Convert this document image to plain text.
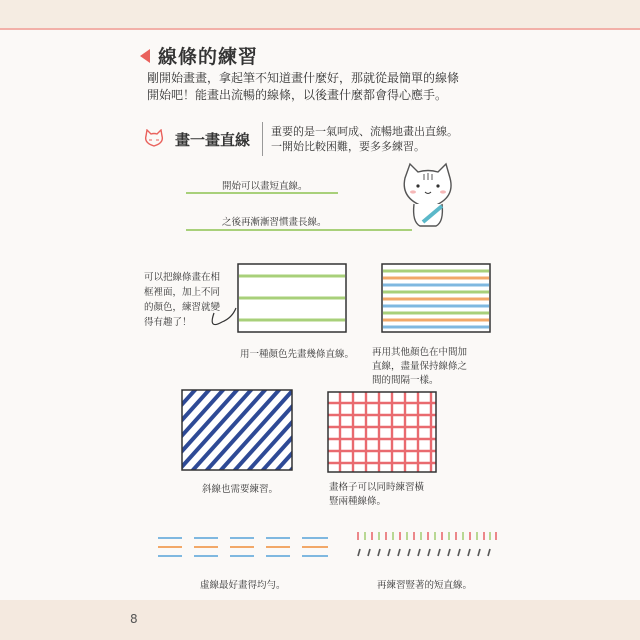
線條的練習
剛開始畫畫，拿起筆不知道畫什麼好，那就從最簡單的線條
開始吧！能畫出流暢的線條，以後畫什麼都會得心應手。
畫一畫直線 重要的是一氣呵成、流暢地畫出直線。
一開始比較困難，要多多練習。
開始可以畫短直線。
之後再漸漸習慣畫長線。
可以把線條畫在相
框裡面，加上不同
的顏色，練習就變
得有趣了！
用一種顏色先畫幾條直線。 再用其他顏色在中間加
直線，盡量保持線條之
間的間隔一樣。
斜線也需要練習。	畫格子可以同時練習橫
豎兩種線條。
虛線最好畫得均勻。	再練習豎著的短直線。
8
